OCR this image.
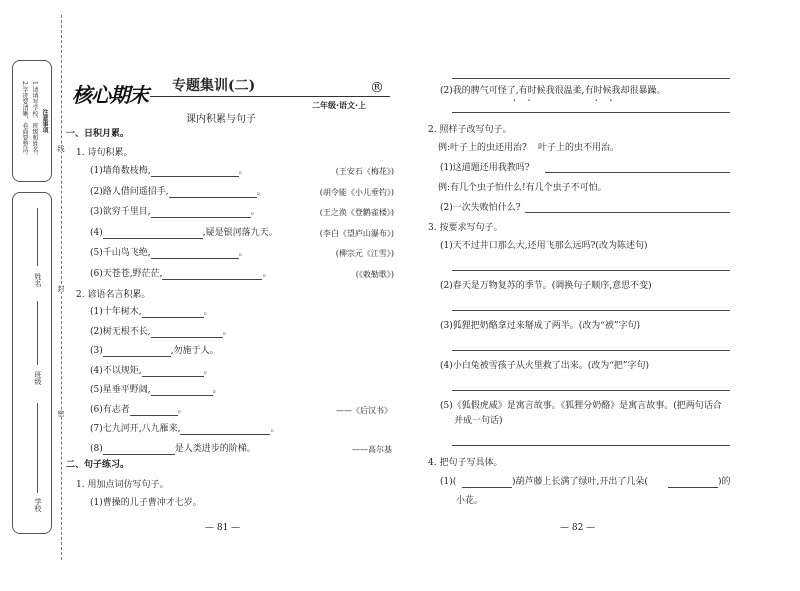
注意事项
1.请填写学校、班级和姓名。
2.字迹要清晰，卷面要整洁。
姓名
班级
学校
线
封
密
核心期末 专题集训(二)	®
二年级·语文·上
课内积累与句子
一、日积月累。
1. 诗句积累。
(1)墙角数枝梅,	。	(王安石《梅花》)
(2)路人借问遥招手,	。	(胡令能《小儿垂钓》)
(3)欲穷千里目,	。	(王之涣《登鹳雀楼》)
(4)	,疑是银河落九天。	(李白《望庐山瀑布》)
(5)千山鸟飞绝,	。	(柳宗元《江雪》)
(6)天苍苍,野茫茫,	。	(《敕勒歌》)
2. 谚语名言积累。
(1)十年树木,	。
(2)树无根不长,	。
(3)	,勿施于人。
(4)不以规矩,	。
(5)星垂平野阔,	。
(6)有志者	。	——《后汉书》
(7)七九河开,八九雁来,	。
(8)	是人类进步的阶梯。	——高尔基
二、句子练习。
1. 用加点词仿写句子。
(1)曹操的儿子曹冲才七岁。
— 81 —
(2)我的脾气可怪了,有时候我很温柔,有时候我却很暴躁。
• •         • •
2. 照样子改写句子。
例:叶子上的虫还用治? 叶子上的虫不用治。
(1)这道题还用我教吗?
例:有几个虫子怕什么!有几个虫子不可怕。
(2)一次失败怕什么?
3. 按要求写句子。
(1)天不过井口那么大,还用飞那么远吗?(改为陈述句)
(2)春天是万物复苏的季节。(调换句子顺序,意思不变)
(3)狐狸把奶酪拿过来掰成了两半。(改为“被”字句)
(4)小白兔被雪孩子从火里救了出来。(改为“把”字句)
(5)《狐假虎威》是寓言故事。《狐狸分奶酪》是寓言故事。(把两句话合
并成一句话)
4. 把句子写具体。
(1)(	)葫芦藤上长满了绿叶,开出了几朵(	)的
小花。
— 82 —
